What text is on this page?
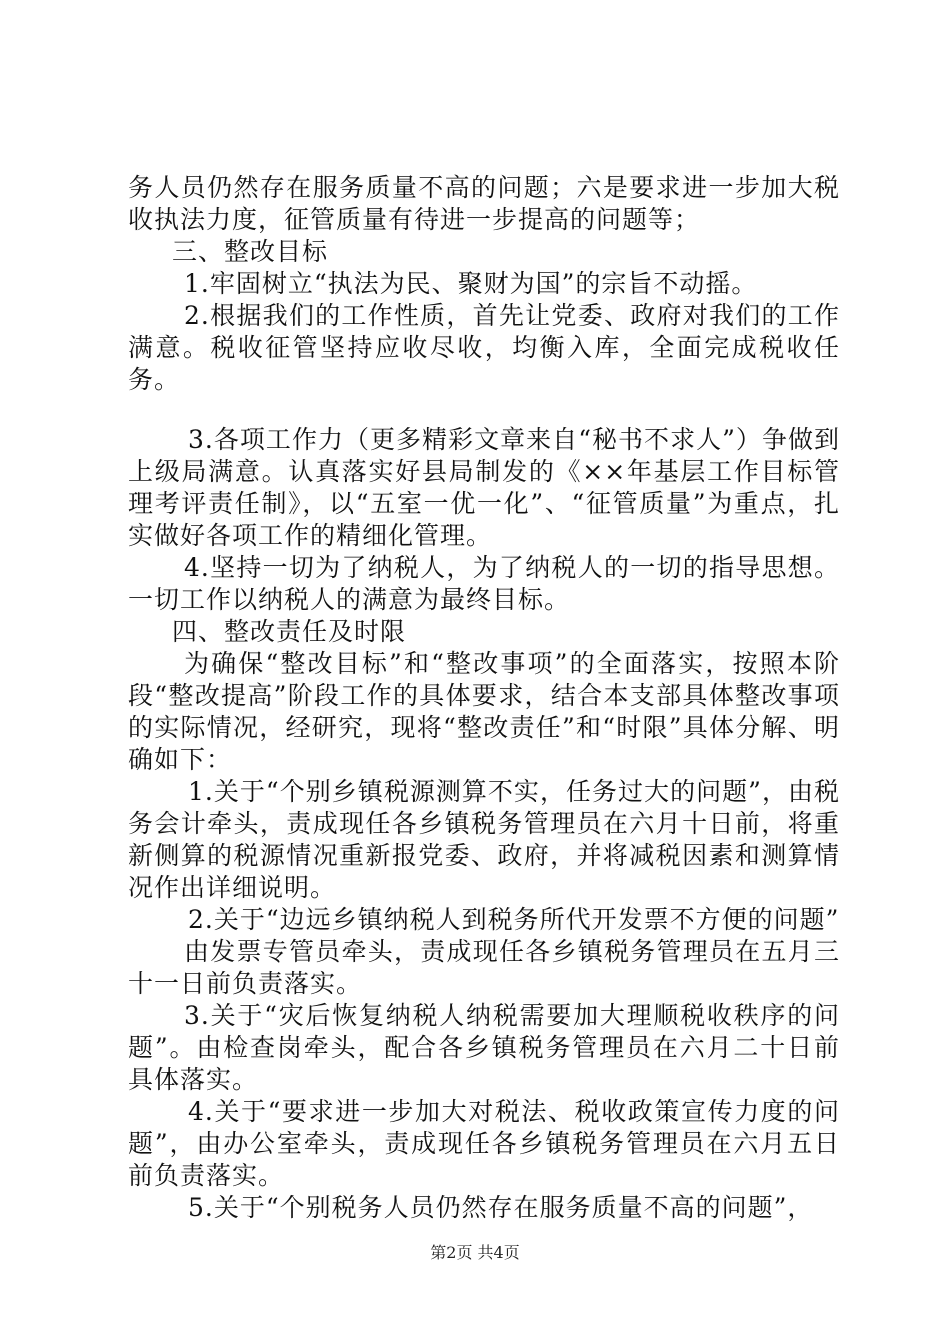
务人员仍然存在服务质量不高的问题；六是要求进一步加大税收执法力度，征管质量有待进一步提高的问题等；

三、整改目标

1.牢固树立“执法为民、聚财为国”的宗旨不动摇。

2.根据我们的工作性质，首先让党委、政府对我们的工作满意。税收征管坚持应收尽收，均衡入库，全面完成税收任务。

3.各项工作力（更多精彩文章来自“秘书不求人”）争做到上级局满意。认真落实好县局制发的《××年基层工作目标管理考评责任制》，以“五室一优一化”、“征管质量”为重点，扎实做好各项工作的精细化管理。

4.坚持一切为了纳税人，为了纳税人的一切的指导思想。一切工作以纳税人的满意为最终目标。

四、整改责任及时限

为确保“整改目标”和“整改事项”的全面落实，按照本阶段“整改提高”阶段工作的具体要求，结合本支部具体整改事项的实际情况，经研究，现将“整改责任”和“时限”具体分解、明确如下：

1.关于“个别乡镇税源测算不实，任务过大的问题”，由税务会计牵头，责成现任各乡镇税务管理员在六月十日前，将重新侧算的税源情况重新报党委、政府，并将减税因素和测算情况作出详细说明。

2.关于“边远乡镇纳税人到税务所代开发票不方便的问题”

由发票专管员牵头，责成现任各乡镇税务管理员在五月三十一日前负责落实。

3.关于“灾后恢复纳税人纳税需要加大理顺税收秩序的问题”。由检查岗牵头，配合各乡镇税务管理员在六月二十日前具体落实。

4.关于“要求进一步加大对税法、税收政策宣传力度的问题”，由办公室牵头，责成现任各乡镇税务管理员在六月五日前负责落实。

5.关于“个别税务人员仍然存在服务质量不高的问题”，

第2页 共4页
